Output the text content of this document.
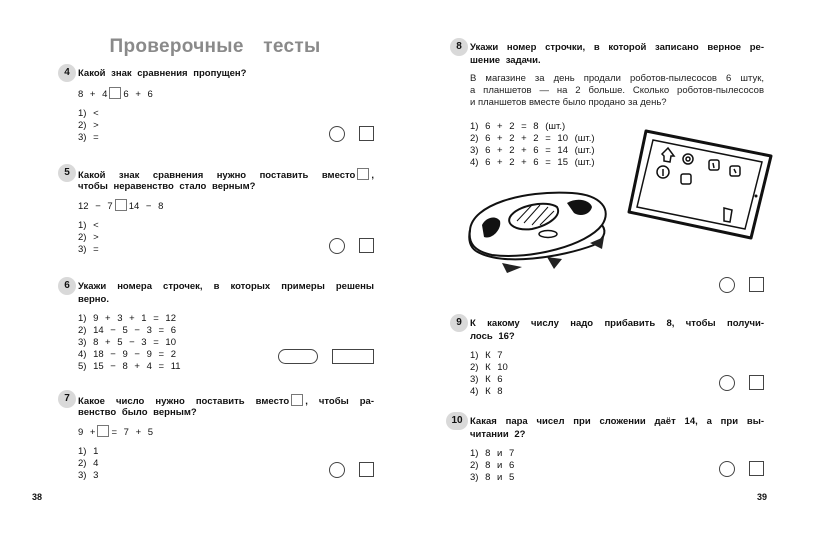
Проверочные тесты
4 Какой знак сравнения пропущен?
8 + 4 6 + 6
1) <
2) >
3) =
5 Какой знак сравнения нужно поставить вместо ,
чтобы неравенство стало верным?
12 − 7 14 − 8
1) <
2) >
3) =
6 Укажи номера строчек, в которых примеры решены
верно.
1) 9 + 3 + 1 = 12
2) 14 − 5 − 3 = 6
3) 8 + 5 − 3 = 10
4) 18 − 9 − 9 = 2
5) 15 − 8 + 4 = 11
7 Какое число нужно поставить вместо , чтобы ра-
венство было верным?
9 + = 7 + 5
1) 1
2) 4
3) 3
8 Укажи номер строчки, в которой записано верное ре-
шение задачи.
В магазине за день продали роботов-пылесосов 6 штук,
а планшетов — на 2 больше. Сколько роботов-пылесосов
и планшетов вместе было продано за день?
1) 6 + 2 = 8 (шт.)
2) 6 + 2 + 2 = 10 (шт.)
3) 6 + 2 + 6 = 14 (шт.)
4) 6 + 2 + 6 = 15 (шт.)
9 К какому числу надо прибавить 8, чтобы получи-
лось 16?
1) К 7
2) К 10
3) К 6
4) К 8
10 Какая пара чисел при сложении даёт 14, а при вы-
читании 2?
1) 8 и 7
2) 8 и 6
3) 8 и 5
38	39
